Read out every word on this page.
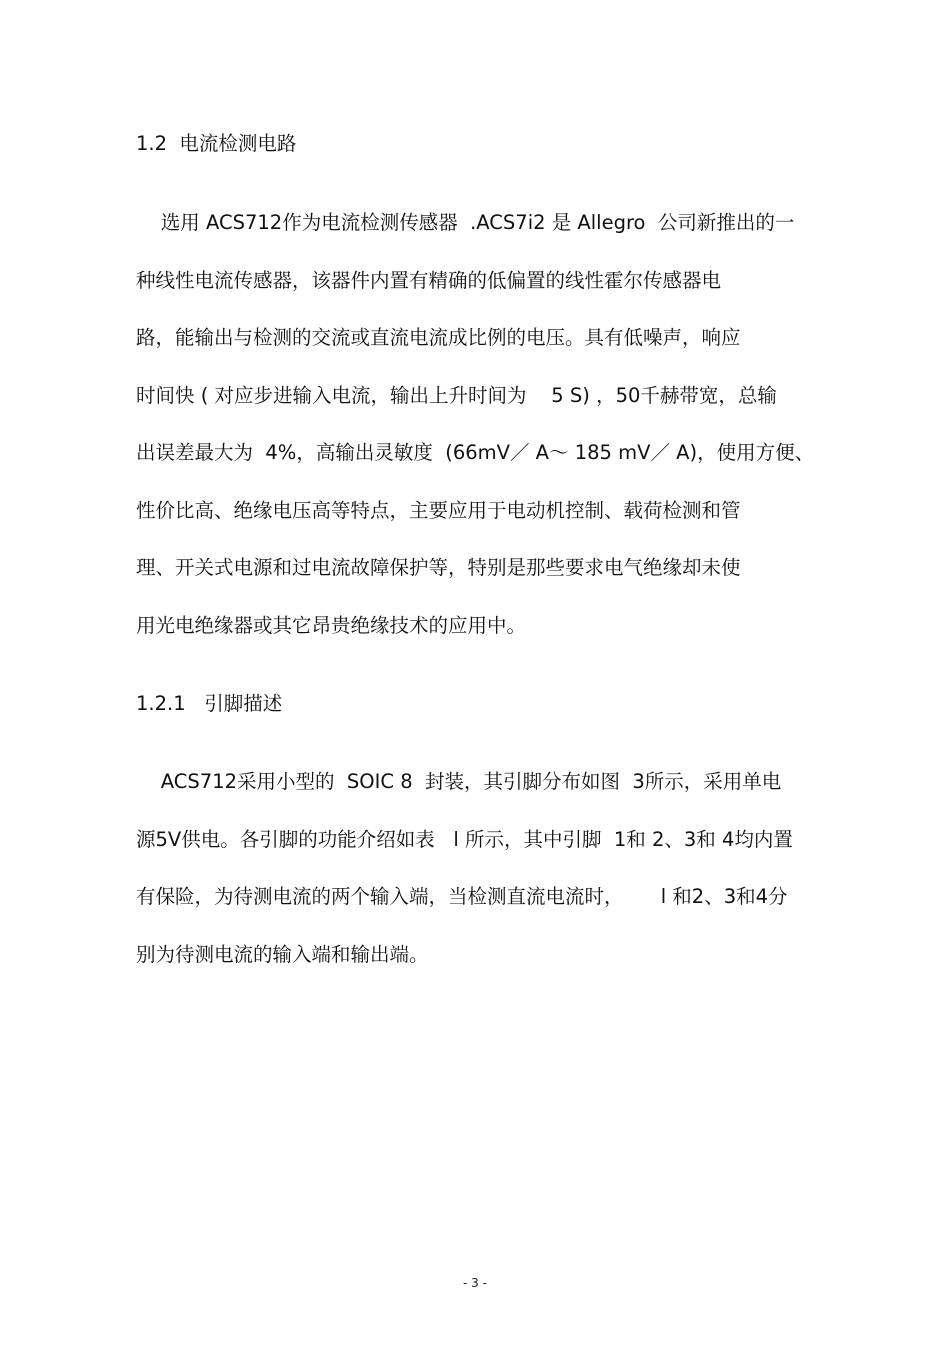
1.2  电流检测电路

选用 ACS712作为电流检测传感器  .ACS7i2 是 Allegro  公司新推出的一

种线性电流传感器，该器件内置有精确的低偏置的线性霍尔传感器电

路，能输出与检测的交流或直流电流成比例的电压。具有低噪声，响应

时间快 ( 对应步进输入电流，输出上升时间为    5 S) ，50千赫带宽，总输

出误差最大为  4%，高输出灵敏度  (66mV／ A～ 185 mV／ A)，使用方便、

性价比高、绝缘电压高等特点，主要应用于电动机控制、载荷检测和管

理、开关式电源和过电流故障保护等，特别是那些要求电气绝缘却未使

用光电绝缘器或其它昂贵绝缘技术的应用中。

1.2.1   引脚描述

ACS712采用小型的  SOIC 8  封装，其引脚分布如图  3所示，采用单电

源5V供电。各引脚的功能介绍如表   l 所示，其中引脚  1和 2、3和 4均内置

有保险，为待测电流的两个输入端，当检测直流电流时，      l 和2、3和4分

别为待测电流的输入端和输出端。

- 3 -
